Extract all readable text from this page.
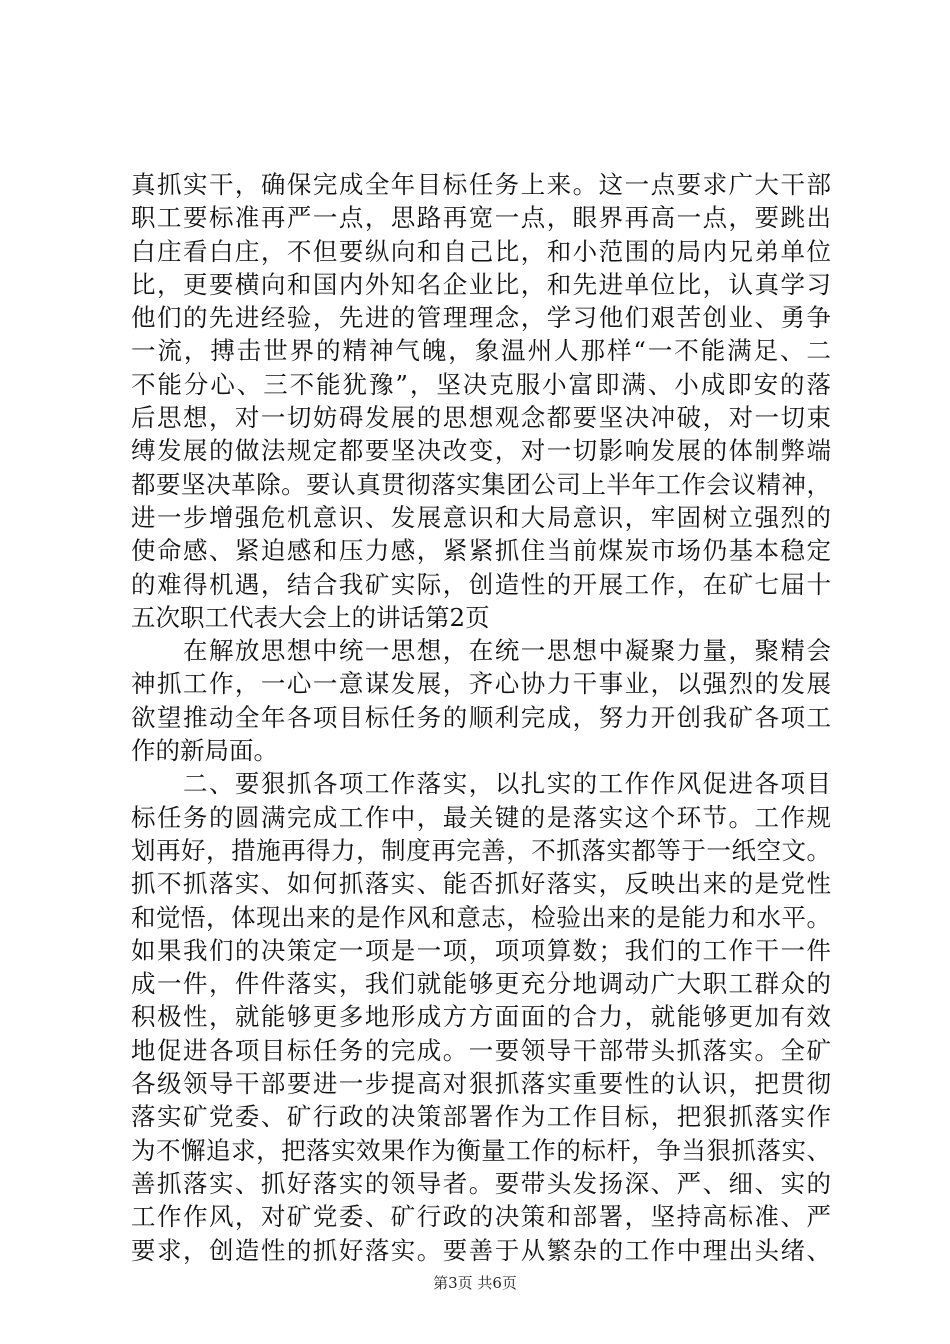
真抓实干，确保完成全年目标任务上来。这一点要求广大干部
职工要标准再严一点，思路再宽一点，眼界再高一点，要跳出
白庄看白庄，不但要纵向和自己比，和小范围的局内兄弟单位
比，更要横向和国内外知名企业比，和先进单位比，认真学习
他们的先进经验，先进的管理理念，学习他们艰苦创业、勇争
一流，搏击世界的精神气魄，象温州人那样“一不能满足、二
不能分心、三不能犹豫”，坚决克服小富即满、小成即安的落
后思想，对一切妨碍发展的思想观念都要坚决冲破，对一切束
缚发展的做法规定都要坚决改变，对一切影响发展的体制弊端
都要坚决革除。要认真贯彻落实集团公司上半年工作会议精神，
进一步增强危机意识、发展意识和大局意识，牢固树立强烈的
使命感、紧迫感和压力感，紧紧抓住当前煤炭市场仍基本稳定
的难得机遇，结合我矿实际，创造性的开展工作，在矿七届十
五次职工代表大会上的讲话第2页
　　在解放思想中统一思想，在统一思想中凝聚力量，聚精会
神抓工作，一心一意谋发展，齐心协力干事业，以强烈的发展
欲望推动全年各项目标任务的顺利完成，努力开创我矿各项工
作的新局面。
　　二、要狠抓各项工作落实，以扎实的工作作风促进各项目
标任务的圆满完成工作中，最关键的是落实这个环节。工作规
划再好，措施再得力，制度再完善，不抓落实都等于一纸空文。
抓不抓落实、如何抓落实、能否抓好落实，反映出来的是党性
和觉悟，体现出来的是作风和意志，检验出来的是能力和水平。
如果我们的决策定一项是一项，项项算数；我们的工作干一件
成一件，件件落实，我们就能够更充分地调动广大职工群众的
积极性，就能够更多地形成方方面面的合力，就能够更加有效
地促进各项目标任务的完成。一要领导干部带头抓落实。全矿
各级领导干部要进一步提高对狠抓落实重要性的认识，把贯彻
落实矿党委、矿行政的决策部署作为工作目标，把狠抓落实作
为不懈追求，把落实效果作为衡量工作的标杆，争当狠抓落实、
善抓落实、抓好落实的领导者。要带头发扬深、严、细、实的
工作作风，对矿党委、矿行政的决策和部署，坚持高标准、严
要求，创造性的抓好落实。要善于从繁杂的工作中理出头绪、
第3页 共6页
